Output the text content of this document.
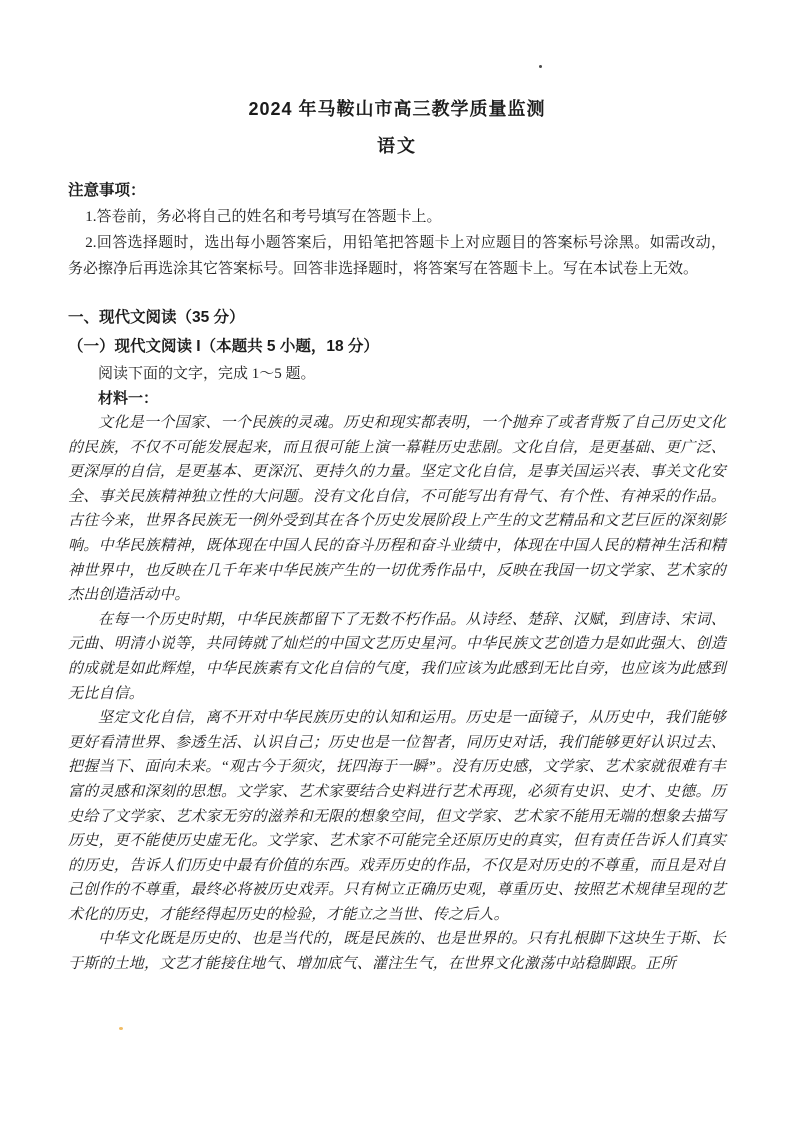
2024 年马鞍山市高三教学质量监测
语文

注意事项：

1.答卷前，务必将自己的姓名和考号填写在答题卡上。

2.回答选择题时，选出每小题答案后，用铅笔把答题卡上对应题目的答案标号涂黑。如需改动，务必擦净后再选涂其它答案标号。回答非选择题时，将答案写在答题卡上。写在本试卷上无效。

一、现代文阅读（35 分）

（一）现代文阅读 I（本题共 5 小题，18 分）

阅读下面的文字，完成 1～5 题。

材料一：

文化是一个国家、一个民族的灵魂。历史和现实都表明，一个抛弃了或者背叛了自己历史文化的民族，不仅不可能发展起来，而且很可能上演一幕鞋历史悲剧。文化自信，是更基础、更广泛、更深厚的自信，是更基本、更深沉、更持久的力量。坚定文化自信，是事关国运兴表、事关文化安全、事关民族精神独立性的大问题。没有文化自信，不可能写出有骨气、有个性、有神采的作品。古往今来，世界各民族无一例外受到其在各个历史发展阶段上产生的文艺精品和文艺巨匠的深刻影响。中华民族精神，既体现在中国人民的奋斗历程和奋斗业绩中，体现在中国人民的精神生活和精神世界中，也反映在几千年来中华民族产生的一切优秀作品中，反映在我国一切文学家、艺术家的杰出创造活动中。

在每一个历史时期，中华民族都留下了无数不朽作品。从诗经、楚辞、汉赋，到唐诗、宋词、元曲、明清小说等，共同铸就了灿烂的中国文艺历史星河。中华民族文艺创造力是如此强大、创造的成就是如此辉煌，中华民族素有文化自信的气度，我们应该为此感到无比自旁，也应该为此感到无比自信。

坚定文化自信，离不开对中华民族历史的认知和运用。历史是一面镜子，从历史中，我们能够更好看清世界、参透生活、认识自己；历史也是一位智者，同历史对话，我们能够更好认识过去、把握当下、面向未来。“观古今于须灾，抚四海于一瞬”。没有历史感，文学家、艺术家就很难有丰富的灵感和深刻的思想。文学家、艺术家要结合史料进行艺术再现，必须有史识、史才、史德。历史给了文学家、艺术家无穷的滋养和无限的想象空间，但文学家、艺术家不能用无端的想象去描写历史，更不能使历史虚无化。文学家、艺术家不可能完全还原历史的真实，但有责任告诉人们真实的历史，告诉人们历史中最有价值的东西。戏弄历史的作品，不仅是对历史的不尊重，而且是对自己创作的不尊重，最终必将被历史戏弄。只有树立正确历史观，尊重历史、按照艺术规律呈现的艺术化的历史，才能经得起历史的检验，才能立之当世、传之后人。

中华文化既是历史的、也是当代的，既是民族的、也是世界的。只有扎根脚下这块生于斯、长于斯的土地，文艺才能接住地气、增加底气、灌注生气，在世界文化激荡中站稳脚跟。正所
